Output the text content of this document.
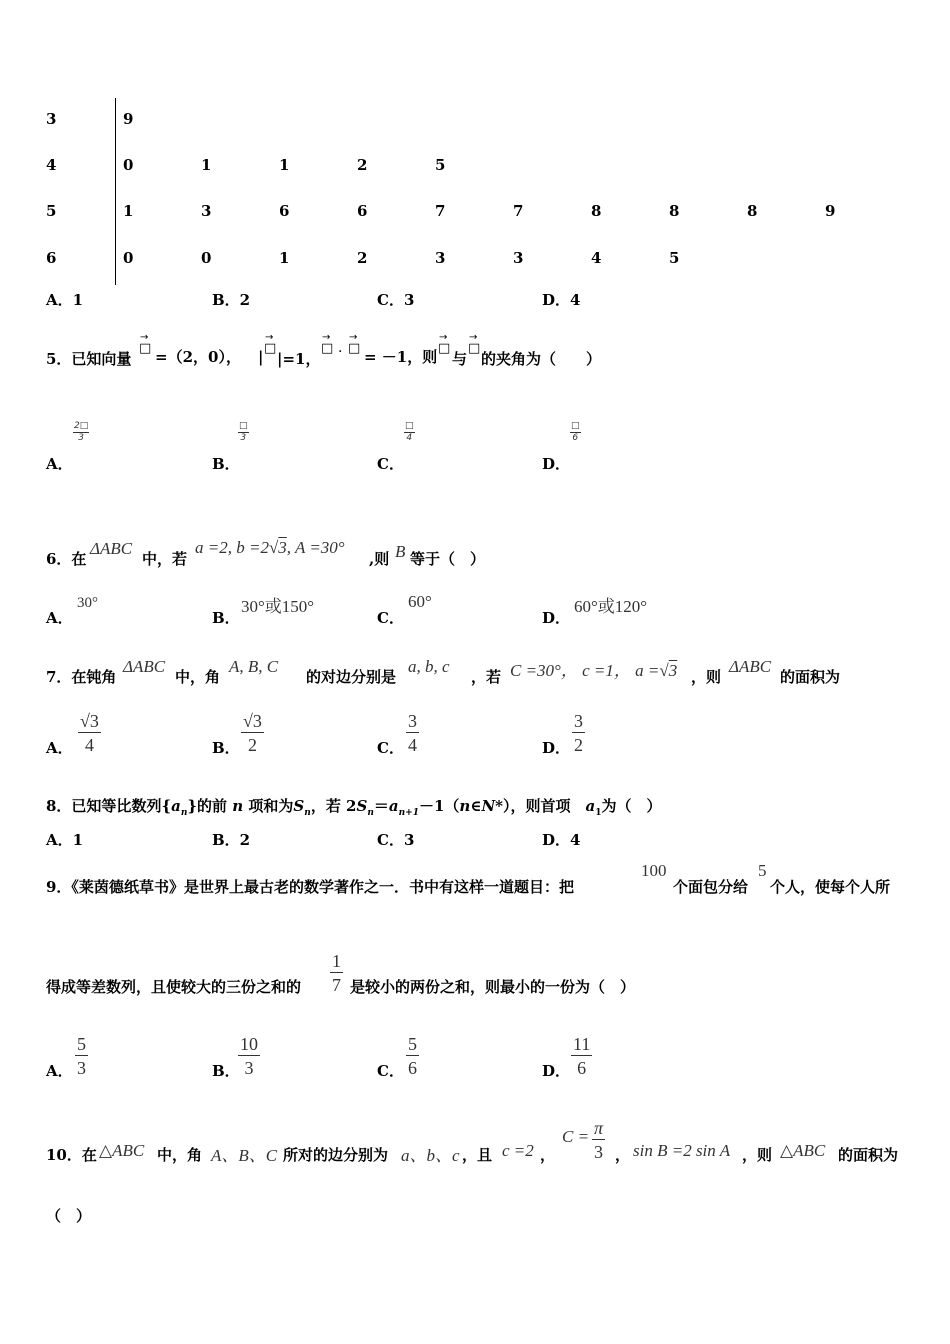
3	9
4	0	1	1	2	5
5	1	3	6	6	7	7	8	8	8	9
6	0	0	1	2	3	3	4	5
A．1	B．2	C．3	D．4
5．已知向量
→
□ =（2，0）， |
→
□
|=1，
→
□ ·
→
□ = －1，则
→
□
与
→
□
的夹角为（　　）
A．
2□
3
B．
□
3
C．
□
4
D．
□
6
6．在
ΔABC
中，若
a =2, b =2√3, A =30°
,则 B 等于（　）
A．
30°
B．
30°或150°
C．
60°
D．
60°或120°
7．在钝角
ΔABC
中，角
A, B, C
的对边分别是
a, b, c
，若 C =30°， c =1， a =√3 ，则
ΔABC
的面积为
A． $\frac{√3}{4}$	B． $\frac{√3}{2}$	C． $\frac{3}{4}$	D． $\frac{3}{2}$
8．已知等比数列$\{a_n\}$的前 n 项和为$S_n$，若 $2S_n=a_{n+1}-1(n\in N*)$，则首项　 $a_1$为（　）
A．1	B．2	C．3	D．4
9．《莱茵德纸草书》是世界上最古老的数学著作之一．书中有这样一道题目：把
100
个面包分给
5
个人，使每个人所
得成等差数列，且使较大的三份之和的 $\frac{1}{7}$ 是较小的两份之和，则最小的一份为（　）
A． $\frac{5}{3}$	B．
$\frac{10}{3}$	C． $\frac{5}{6}$	D． $\frac{11}{6}$
10．在 △ABC 中，角 A、B、C 所对的边分别为 a、b、c ，且 c =2 ，
$C = \frac{\pi}{3}$ ， sin B =2 sin A ，则 △ABC 的面积为
（　）
